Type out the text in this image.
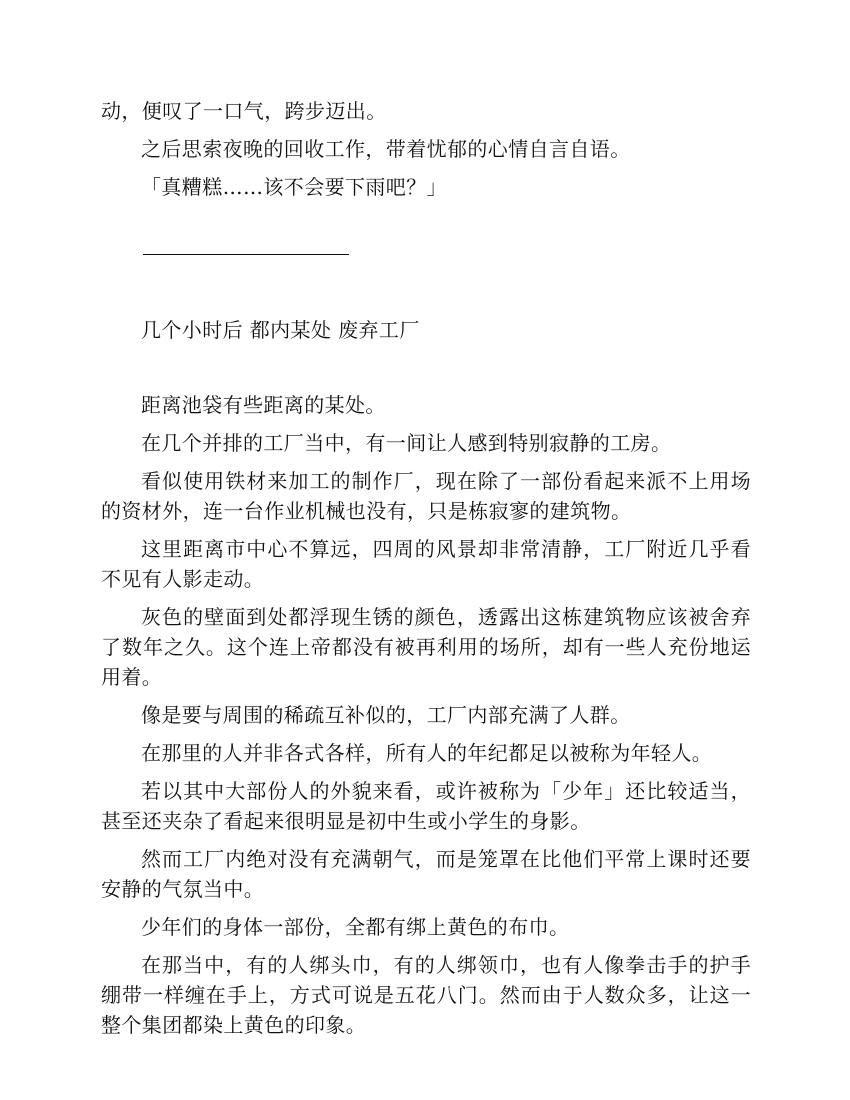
动，便叹了一口气，跨步迈出。

之后思索夜晚的回收工作，带着忧郁的心情自言自语。

「真糟糕……该不会要下雨吧？」

几个小时后 都内某处 废弃工厂

距离池袋有些距离的某处。

在几个并排的工厂当中，有一间让人感到特别寂静的工房。

看似使用铁材来加工的制作厂，现在除了一部份看起来派不上用场的资材外，连一台作业机械也没有，只是栋寂寥的建筑物。

这里距离市中心不算远，四周的风景却非常清静，工厂附近几乎看不见有人影走动。

灰色的壁面到处都浮现生锈的颜色，透露出这栋建筑物应该被舍弃了数年之久。这个连上帝都没有被再利用的场所，却有一些人充份地运用着。

像是要与周围的稀疏互补似的，工厂内部充满了人群。

在那里的人并非各式各样，所有人的年纪都足以被称为年轻人。

若以其中大部份人的外貌来看，或许被称为「少年」还比较适当，甚至还夹杂了看起来很明显是初中生或小学生的身影。

然而工厂内绝对没有充满朝气，而是笼罩在比他们平常上课时还要安静的气氛当中。

少年们的身体一部份，全都有绑上黄色的布巾。

在那当中，有的人绑头巾，有的人绑领巾，也有人像拳击手的护手绷带一样缠在手上，方式可说是五花八门。然而由于人数众多，让这一整个集团都染上黄色的印象。
